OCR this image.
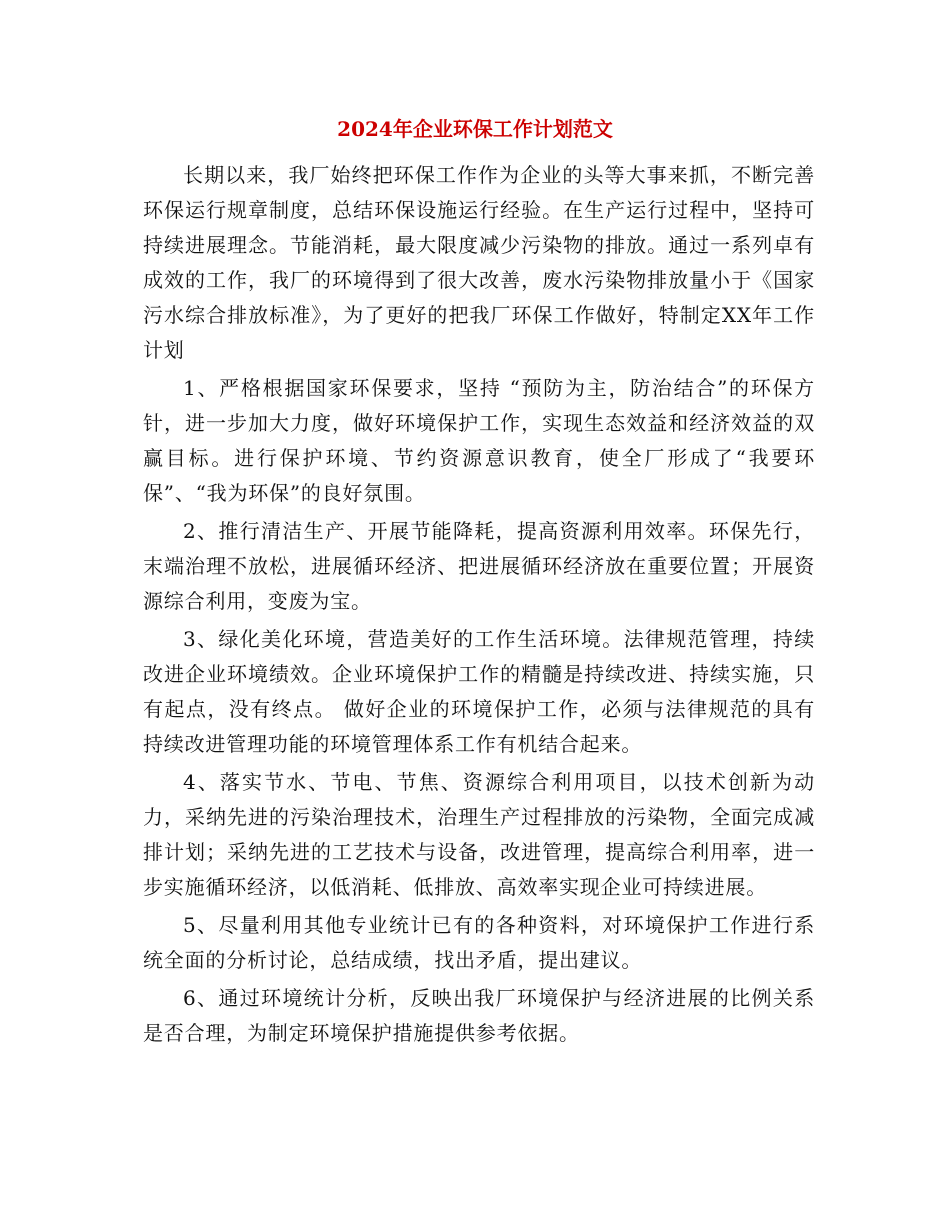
2024年企业环保工作计划范文

长期以来，我厂始终把环保工作作为企业的头等大事来抓，不断完善环保运行规章制度，总结环保设施运行经验。在生产运行过程中，坚持可持续进展理念。节能消耗，最大限度减少污染物的排放。通过一系列卓有成效的工作，我厂的环境得到了很大改善，废水污染物排放量小于《国家污水综合排放标准》，为了更好的把我厂环保工作做好，特制定XX年工作计划

1、严格根据国家环保要求，坚持 “预防为主，防治结合”的环保方针，进一步加大力度，做好环境保护工作，实现生态效益和经济效益的双赢目标。进行保护环境、节约资源意识教育，使全厂形成了“我要环保”、“我为环保”的良好氛围。

2、推行清洁生产、开展节能降耗，提高资源利用效率。环保先行，末端治理不放松，进展循环经济、把进展循环经济放在重要位置；开展资源综合利用，变废为宝。

3、绿化美化环境，营造美好的工作生活环境。法律规范管理，持续改进企业环境绩效。企业环境保护工作的精髓是持续改进、持续实施，只有起点，没有终点。 做好企业的环境保护工作，必须与法律规范的具有持续改进管理功能的环境管理体系工作有机结合起来。

4、落实节水、节电、节焦、资源综合利用项目，以技术创新为动力，采纳先进的污染治理技术，治理生产过程排放的污染物，全面完成减排计划；采纳先进的工艺技术与设备，改进管理，提高综合利用率，进一步实施循环经济，以低消耗、低排放、高效率实现企业可持续进展。

5、尽量利用其他专业统计已有的各种资料，对环境保护工作进行系统全面的分析讨论，总结成绩，找出矛盾，提出建议。

6、通过环境统计分析，反映出我厂环境保护与经济进展的比例关系是否合理，为制定环境保护措施提供参考依据。
